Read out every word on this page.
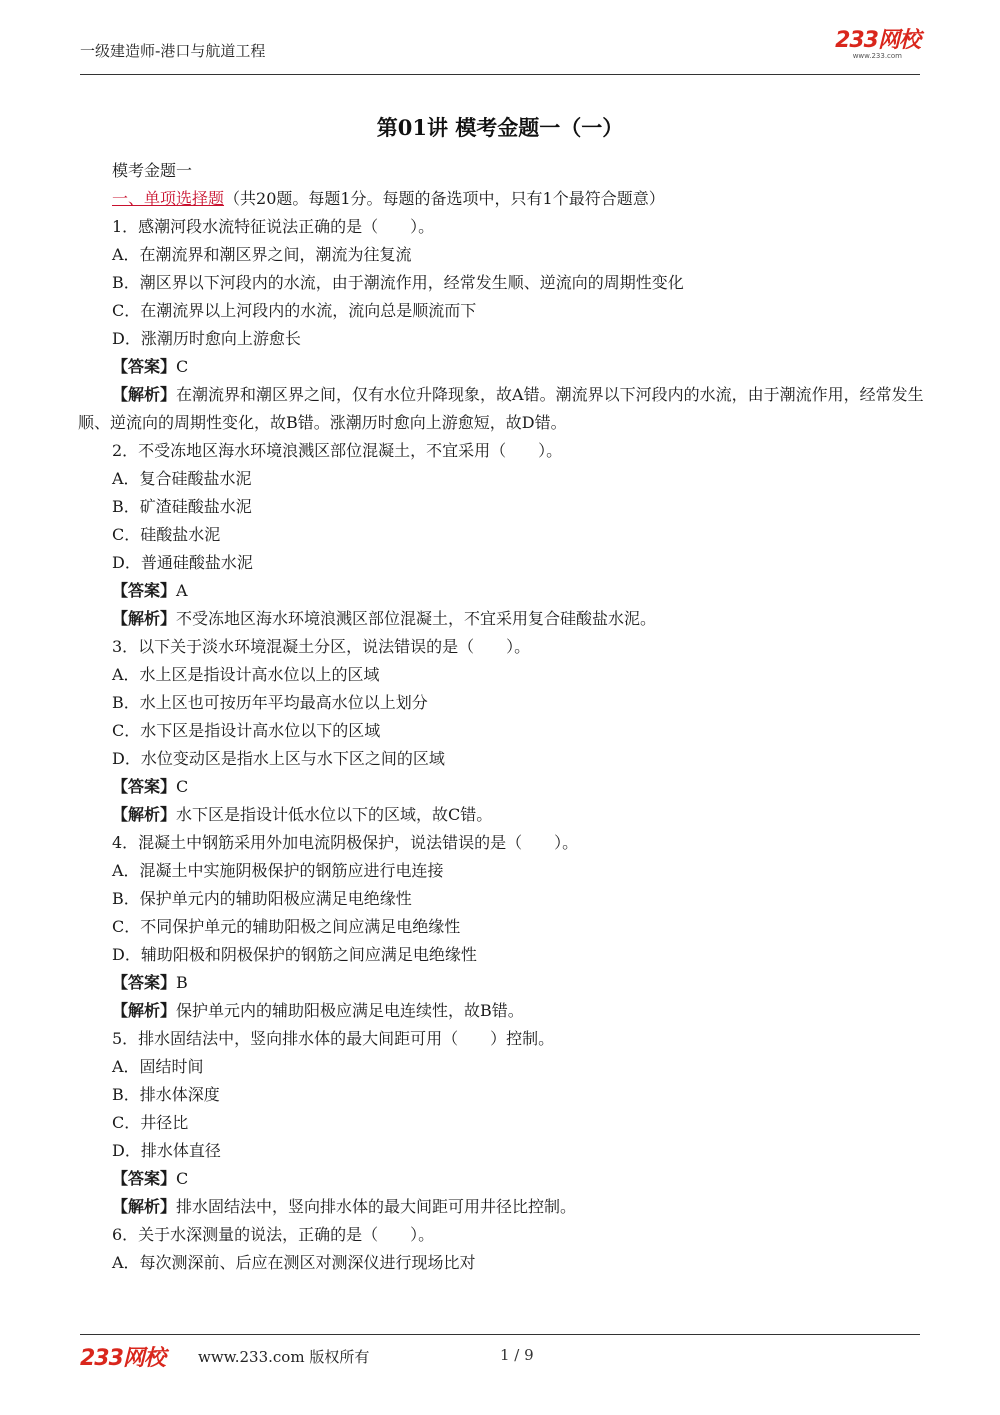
一级建造师-港口与航道工程	233网校
www.233.com
第01讲 模考金题一（一）
模考金题一
一、单项选择题（共20题。每题1分。每题的备选项中，只有1个最符合题意）
1．感潮河段水流特征说法正确的是（　　）。
A．在潮流界和潮区界之间，潮流为往复流
B．潮区界以下河段内的水流，由于潮流作用，经常发生顺、逆流向的周期性变化
C．在潮流界以上河段内的水流，流向总是顺流而下
D．涨潮历时愈向上游愈长
【答案】C
【解析】在潮流界和潮区界之间，仅有水位升降现象，故A错。潮流界以下河段内的水流，由于潮流作用，经常发生顺、逆流向的周期性变化，故B错。涨潮历时愈向上游愈短，故D错。
2．不受冻地区海水环境浪溅区部位混凝土，不宜采用（　　）。
A．复合硅酸盐水泥
B．矿渣硅酸盐水泥
C．硅酸盐水泥
D．普通硅酸盐水泥
【答案】A
【解析】不受冻地区海水环境浪溅区部位混凝土，不宜采用复合硅酸盐水泥。
3．以下关于淡水环境混凝土分区，说法错误的是（　　）。
A．水上区是指设计高水位以上的区域
B．水上区也可按历年平均最高水位以上划分
C．水下区是指设计高水位以下的区域
D．水位变动区是指水上区与水下区之间的区域
【答案】C
【解析】水下区是指设计低水位以下的区域，故C错。
4．混凝土中钢筋采用外加电流阴极保护，说法错误的是（　　）。
A．混凝土中实施阴极保护的钢筋应进行电连接
B．保护单元内的辅助阳极应满足电绝缘性
C．不同保护单元的辅助阳极之间应满足电绝缘性
D．辅助阳极和阴极保护的钢筋之间应满足电绝缘性
【答案】B
【解析】保护单元内的辅助阳极应满足电连续性，故B错。
5．排水固结法中，竖向排水体的最大间距可用（　　）控制。
A．固结时间
B．排水体深度
C．井径比
D．排水体直径
【答案】C
【解析】排水固结法中，竖向排水体的最大间距可用井径比控制。
6．关于水深测量的说法，正确的是（　　）。
A．每次测深前、后应在测区对测深仪进行现场比对
233网校 www.233.com 版权所有	1 / 9
